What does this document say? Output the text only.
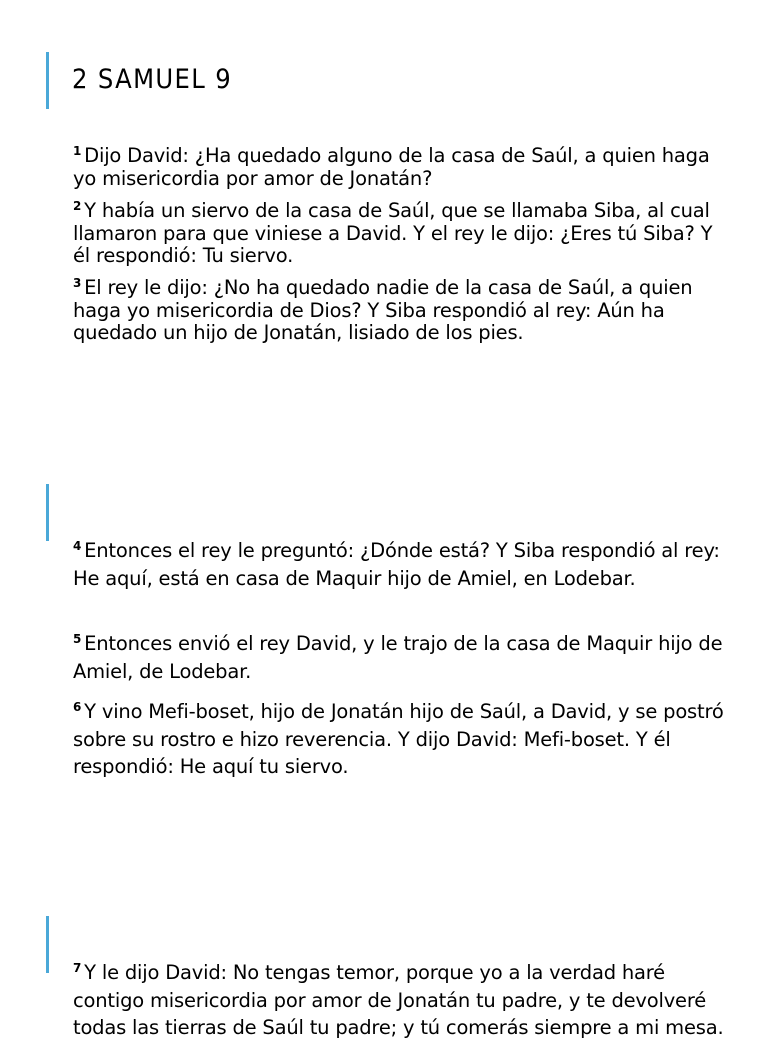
2 SAMUEL 9

$^1$ Dijo David: ¿Ha quedado alguno de la casa de Saúl, a quien haga yo misericordia por amor de Jonatán?

$^2$ Y había un siervo de la casa de Saúl, que se llamaba Siba, al cual llamaron para que viniese a David. Y el rey le dijo: ¿Eres tú Siba? Y él respondió: Tu siervo.

$^3$ El rey le dijo: ¿No ha quedado nadie de la casa de Saúl, a quien haga yo misericordia de Dios? Y Siba respondió al rey: Aún ha quedado un hijo de Jonatán, lisiado de los pies.

$^4$ Entonces el rey le preguntó: ¿Dónde está? Y Siba respondió al rey: He aquí, está en casa de Maquir hijo de Amiel, en Lodebar.

$^5$ Entonces envió el rey David, y le trajo de la casa de Maquir hijo de Amiel, de Lodebar.

$^6$ Y vino Mefi-boset, hijo de Jonatán hijo de Saúl, a David, y se postró sobre su rostro e hizo reverencia. Y dijo David: Mefi-boset. Y él respondió: He aquí tu siervo.

$^7$ Y le dijo David: No tengas temor, porque yo a la verdad haré contigo misericordia por amor de Jonatán tu padre, y te devolveré todas las tierras de Saúl tu padre; y tú comerás siempre a mi mesa.
